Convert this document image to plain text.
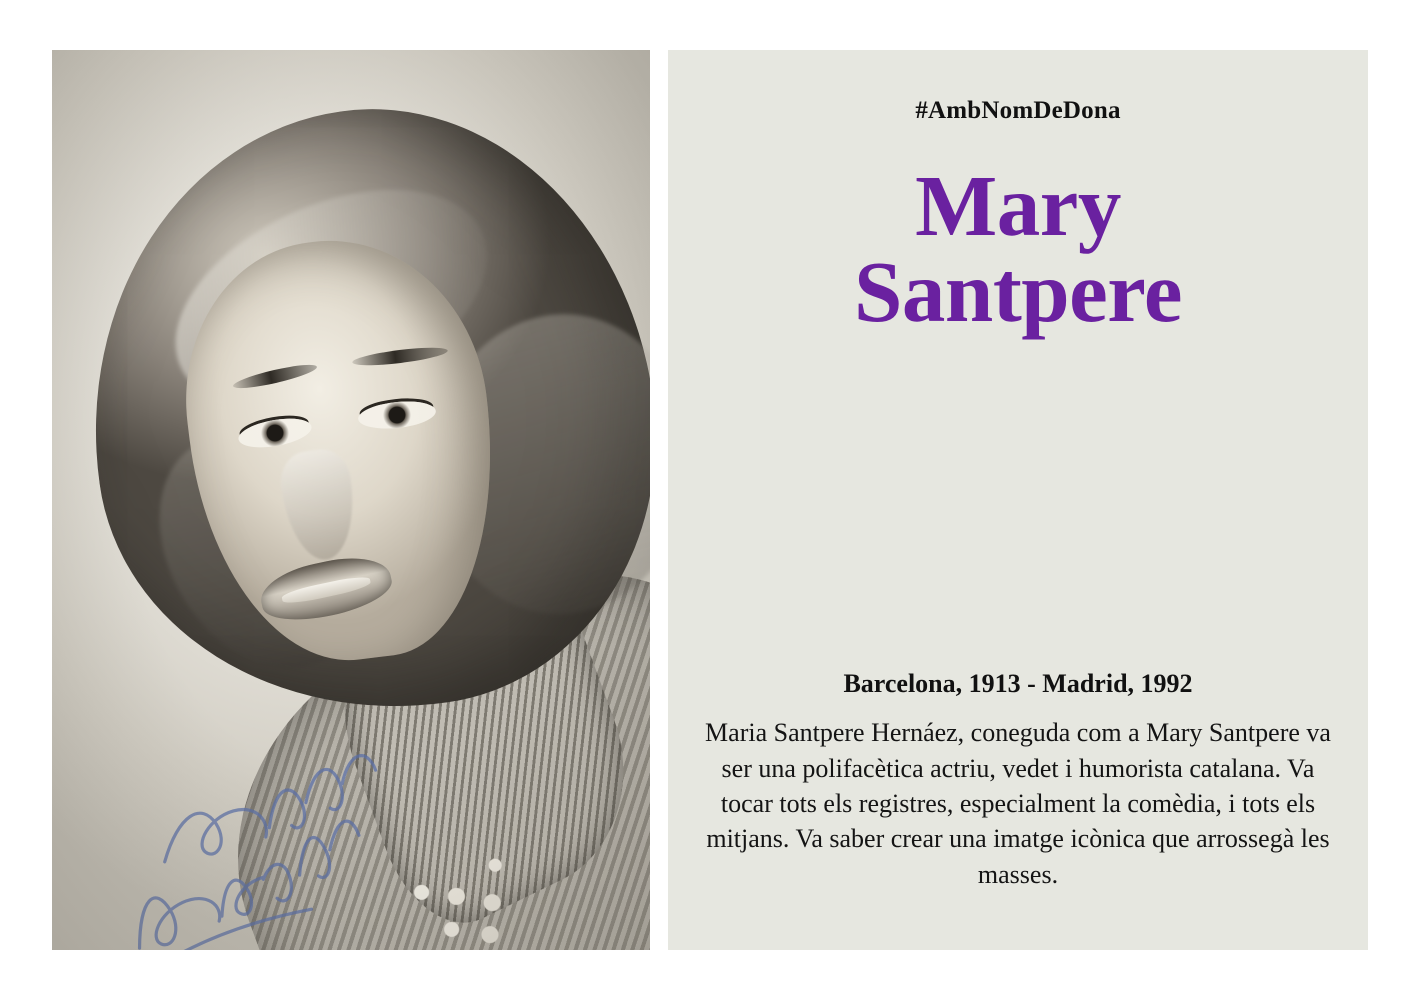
#AmbNomDeDona
Mary
Santpere
Barcelona, 1913 - Madrid, 1992
Maria Santpere Hernáez, coneguda com a Mary Santpere va ser una polifacètica actriu, vedet i humorista catalana. Va tocar tots els registres, especialment la comèdia, i tots els mitjans. Va saber crear una imatge icònica que arrossegà les masses.
